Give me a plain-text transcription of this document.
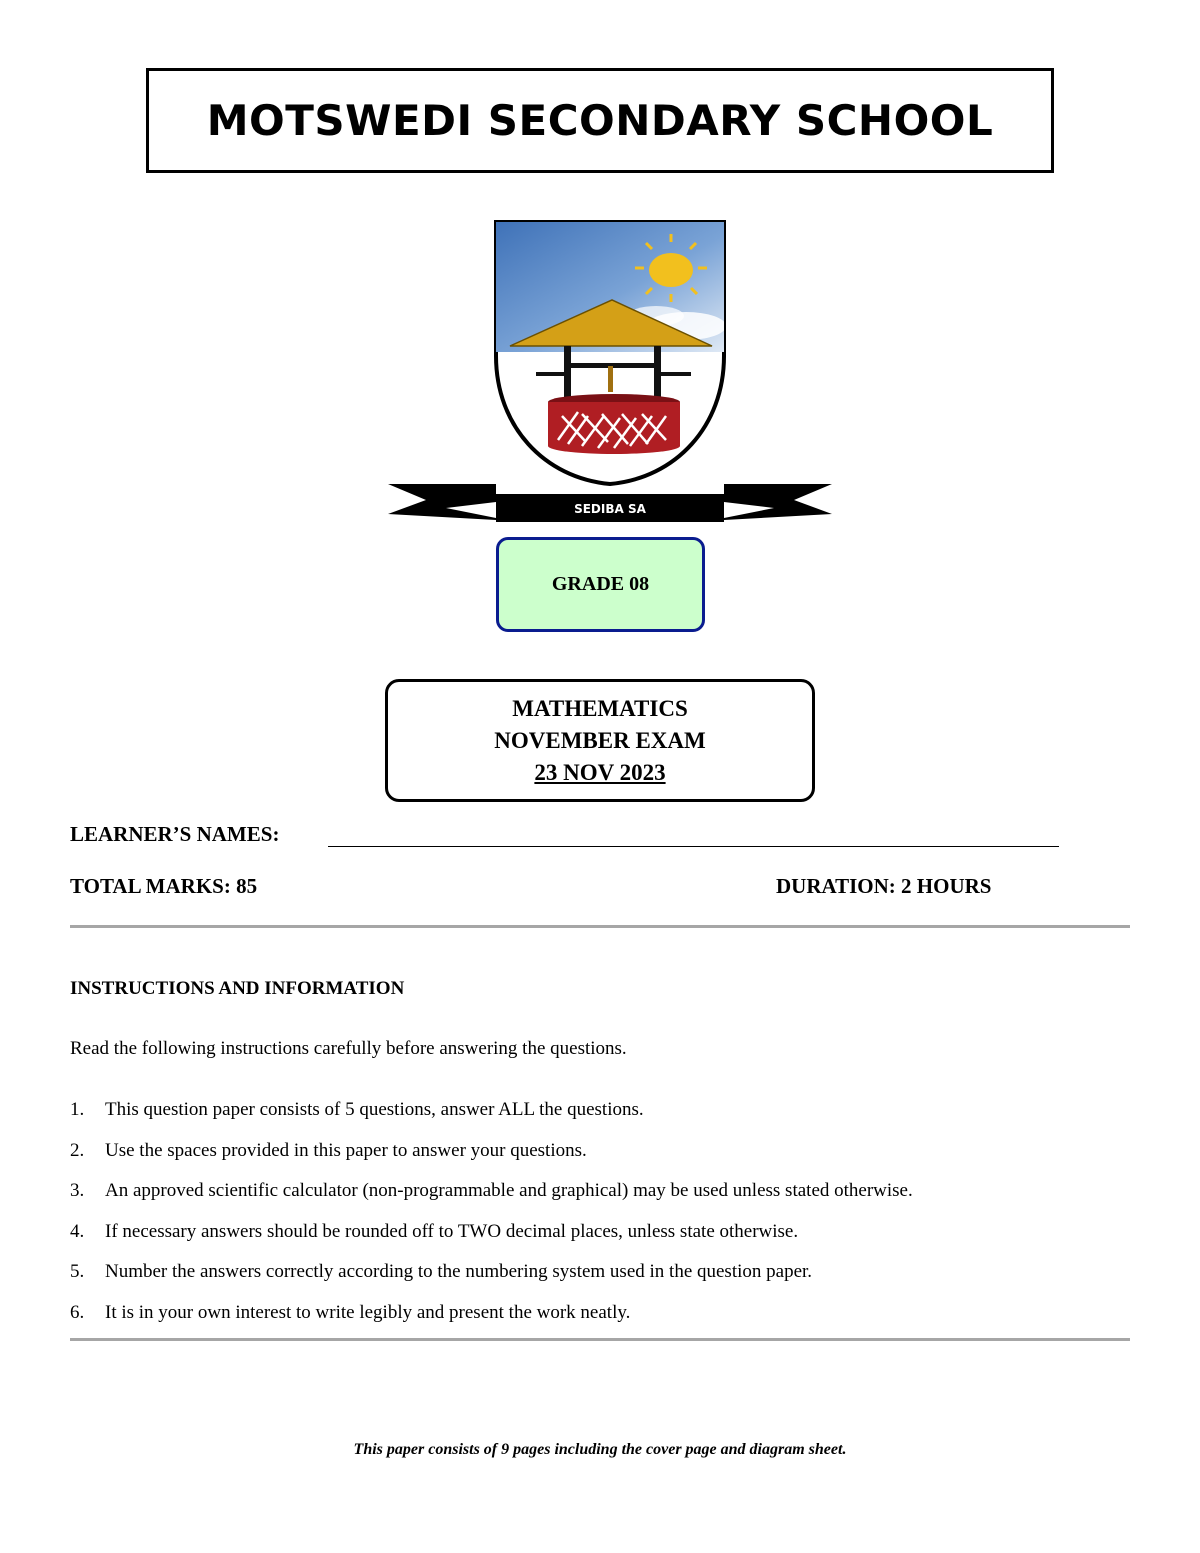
MOTSWEDI SECONDARY SCHOOL
SEDIBA SA
GRADE 08
MATHEMATICS
NOVEMBER EXAM
23 NOV 2023
LEARNER’S NAMES:
TOTAL MARKS: 85	DURATION: 2 HOURS
INSTRUCTIONS AND INFORMATION
Read the following instructions carefully before answering the questions.
1.	This question paper consists of 5 questions, answer ALL the questions.
2.	Use the spaces provided in this paper to answer your questions.
3.	An approved scientific calculator (non-programmable and graphical) may be used unless stated otherwise.
4.	If necessary answers should be rounded off to TWO decimal places, unless state otherwise.
5.	Number the answers correctly according to the numbering system used in the question paper.
6.	It is in your own interest to write legibly and present the work neatly.
This paper consists of 9 pages including the cover page and diagram sheet.
